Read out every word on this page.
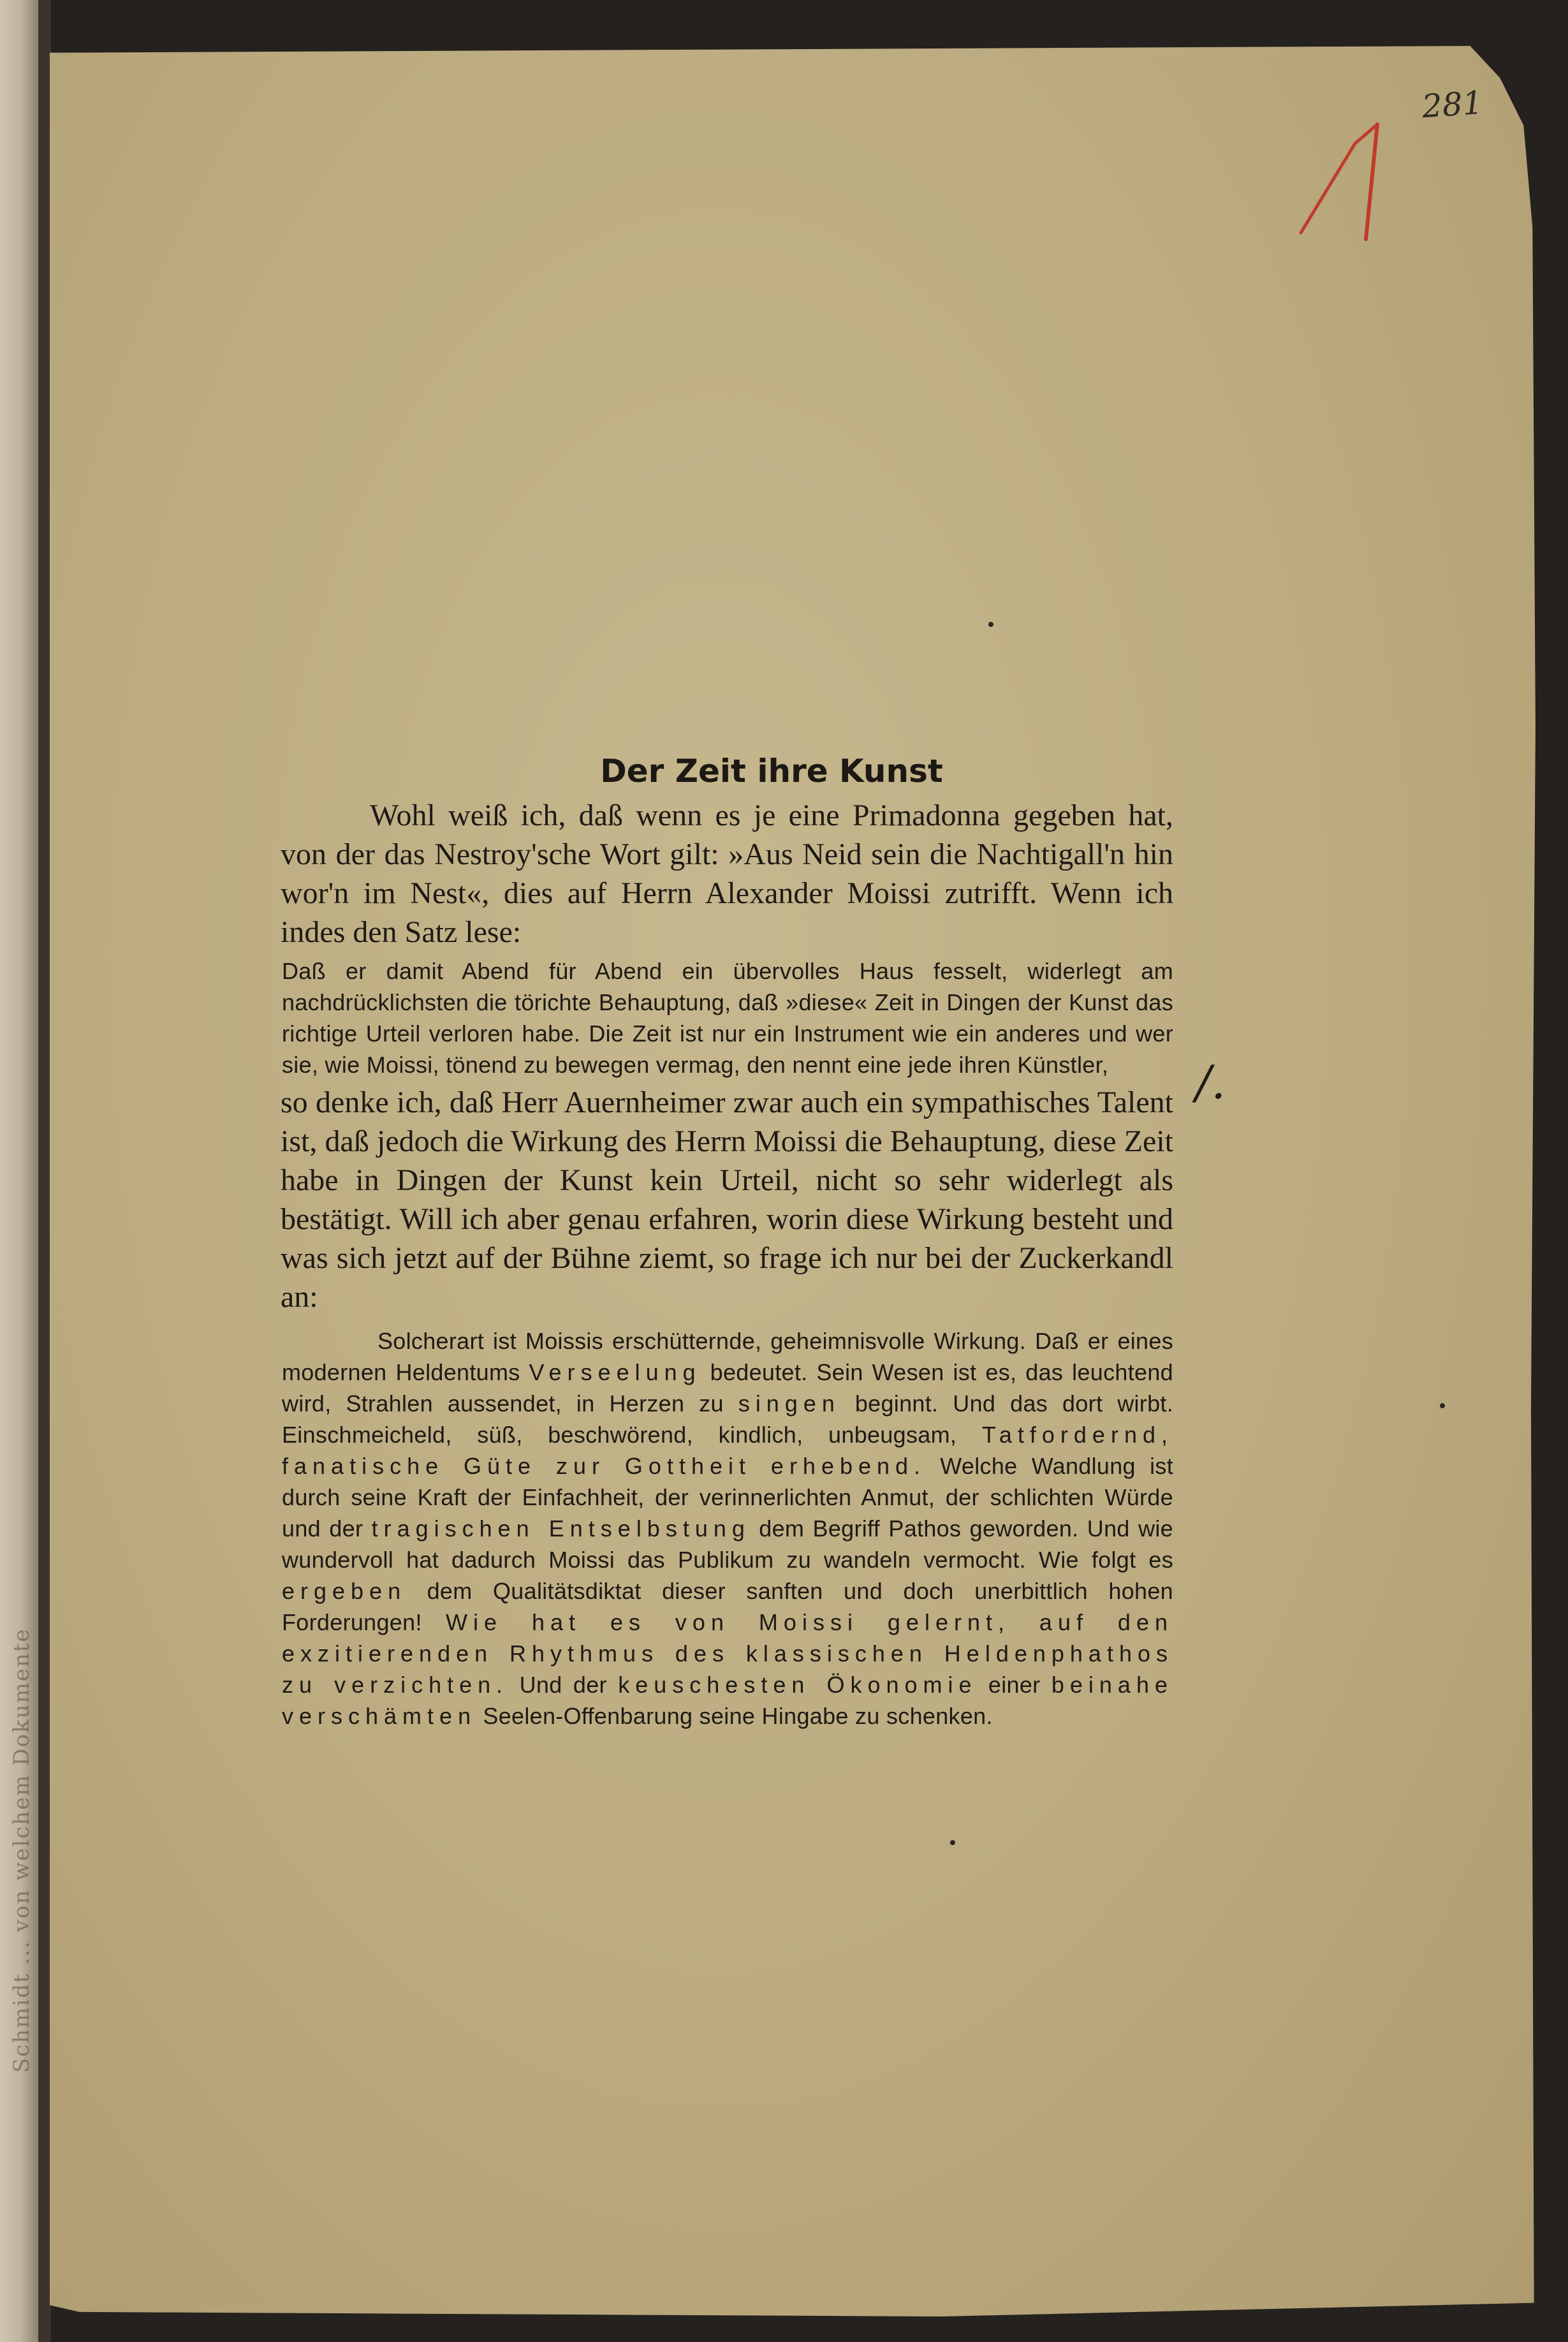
Schmidt ... von welchem Dokumente
281
/.
Der Zeit ihre Kunst

Wohl weiß ich, daß wenn es je eine Primadonna gegeben hat, von der das Nestroy'sche Wort gilt: »Aus Neid sein die Nachtigall'n hin wor'n im Nest«, dies auf Herrn Alexander Moissi zutrifft. Wenn ich indes den Satz lese:

Daß er damit Abend für Abend ein übervolles Haus fesselt, widerlegt am nachdrücklichsten die törichte Behauptung, daß »diese« Zeit in Dingen der Kunst das richtige Urteil verloren habe. Die Zeit ist nur ein Instrument wie ein anderes und wer sie, wie Moissi, tönend zu bewegen vermag, den nennt eine jede ihren Künstler,

so denke ich, daß Herr Auernheimer zwar auch ein sympathisches Talent ist, daß jedoch die Wirkung des Herrn Moissi die Behauptung, diese Zeit habe in Dingen der Kunst kein Urteil, nicht so sehr widerlegt als bestätigt. Will ich aber genau erfahren, worin diese Wirkung besteht und was sich jetzt auf der Bühne ziemt, so frage ich nur bei der Zuckerkandl an:

Solcherart ist Moissis erschütternde, geheimnisvolle Wirkung. Daß er eines modernen Heldentums Verseelung bedeutet. Sein Wesen ist es, das leuchtend wird, Strahlen aussendet, in Herzen zu singen beginnt. Und das dort wirbt. Einschmeicheld, süß, beschwörend, kindlich, unbeugsam, Tatfordernd, fanatische Güte zur Gottheit erhebend. Welche Wandlung ist durch seine Kraft der Einfachheit, der verinnerlichten Anmut, der schlichten Würde und der tragischen Entselbstung dem Begriff Pathos geworden. Und wie wundervoll hat dadurch Moissi das Publikum zu wandeln vermocht. Wie folgt es ergeben dem Qualitätsdiktat dieser sanften und doch unerbittlich hohen Forderungen! Wie hat es von Moissi gelernt, auf den exzitierenden Rhythmus des klassischen Heldenphathos zu verzichten. Und der keuschesten Ökonomie einer beinahe verschämten Seelen-Offenbarung seine Hingabe zu schenken.
